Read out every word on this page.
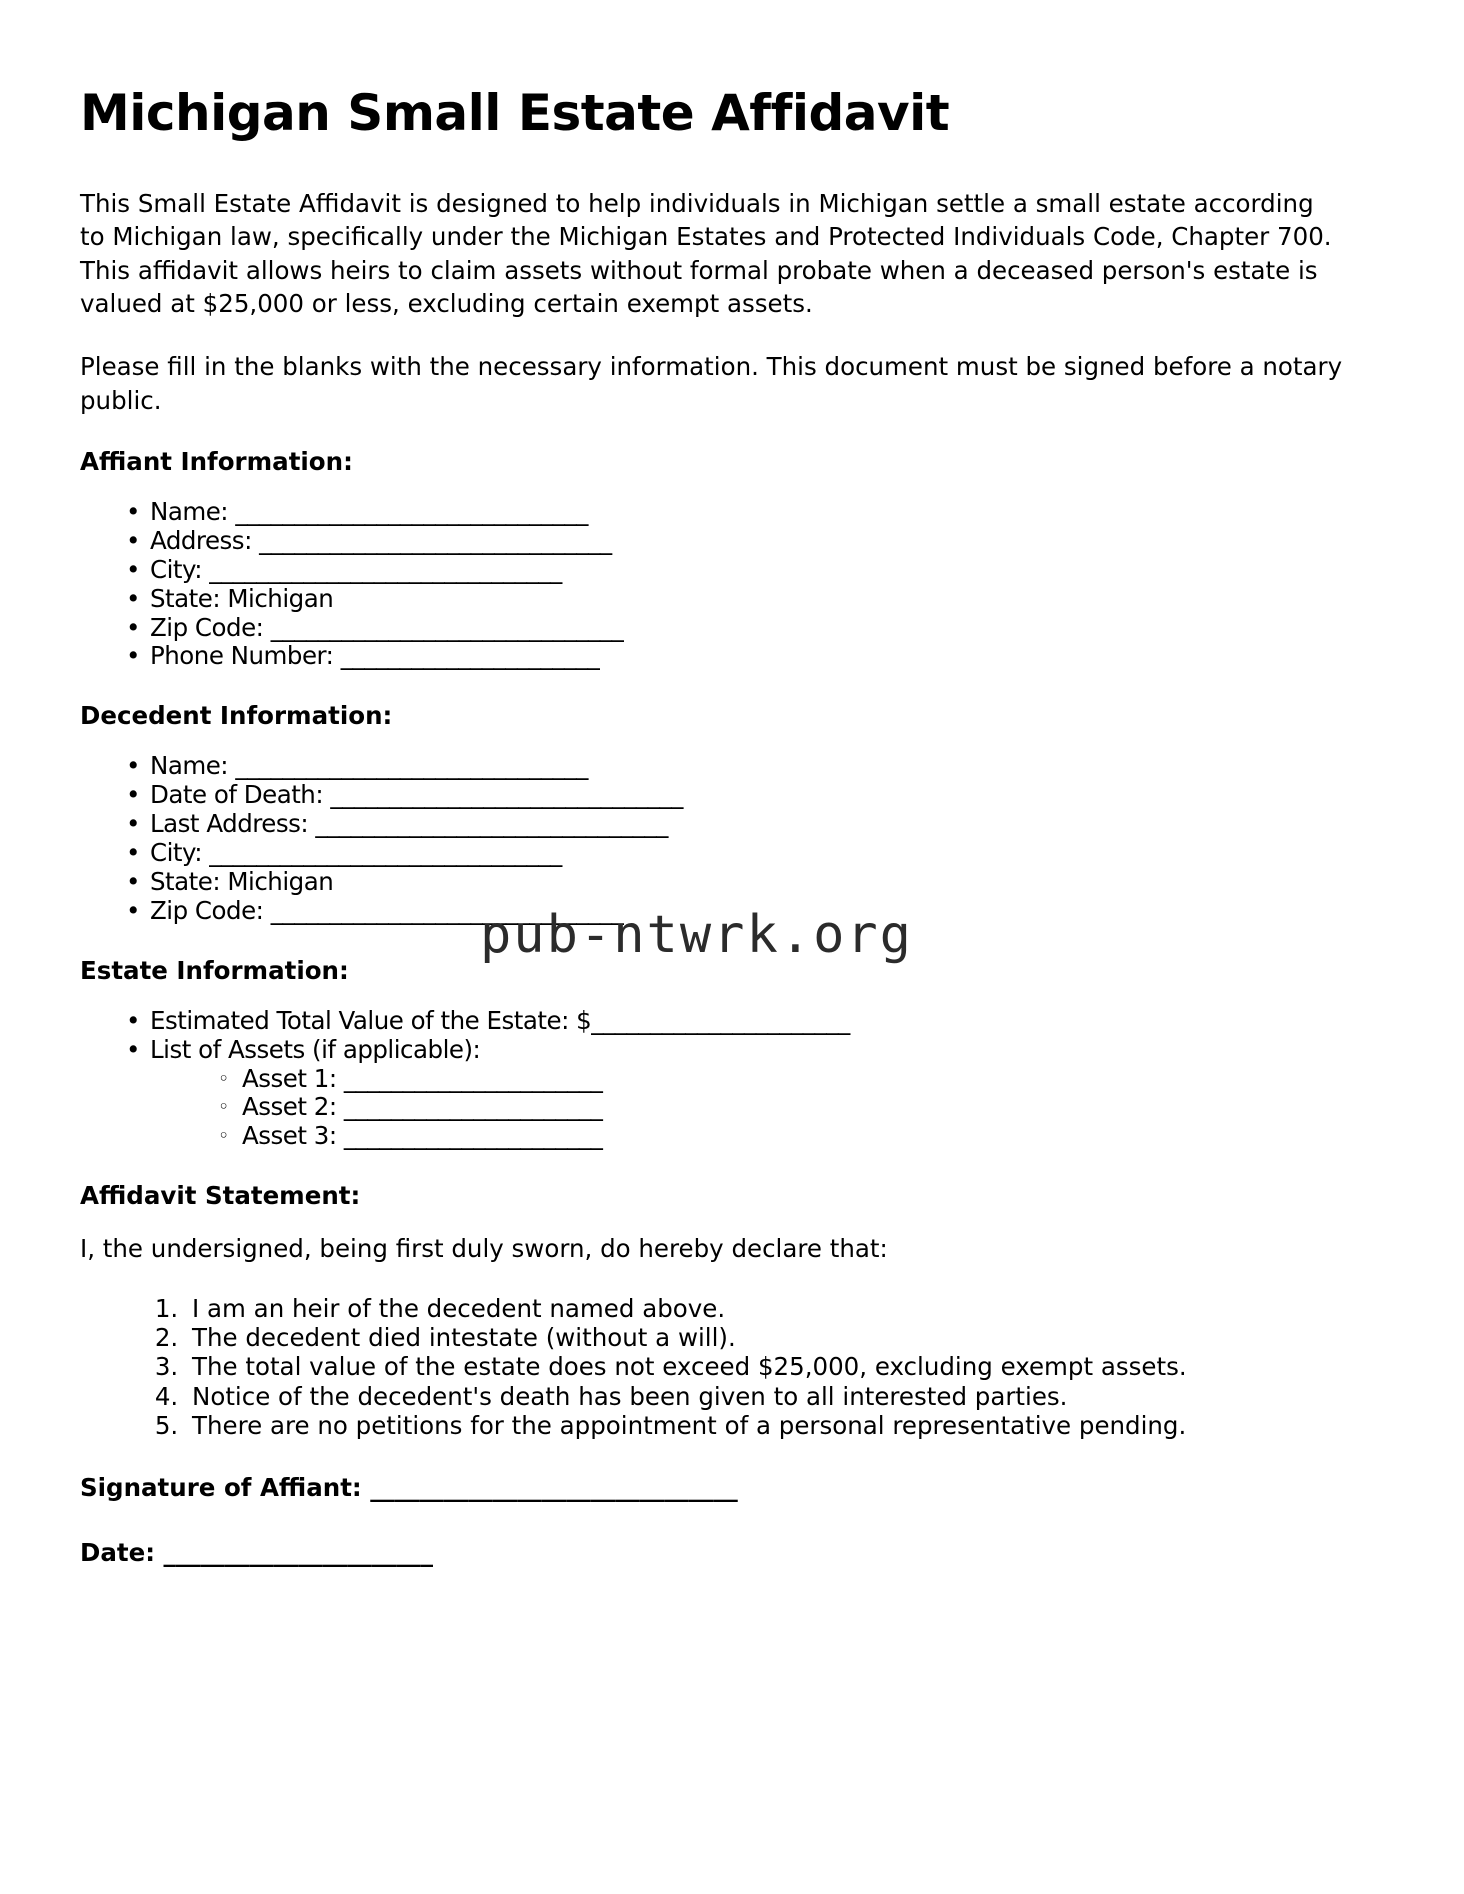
Michigan Small Estate Affidavit

This Small Estate Affidavit is designed to help individuals in Michigan settle a small estate according to Michigan law, specifically under the Michigan Estates and Protected Individuals Code, Chapter 700. This affidavit allows heirs to claim assets without formal probate when a deceased person's estate is valued at $25,000 or less, excluding certain exempt assets.

Please fill in the blanks with the necessary information. This document must be signed before a notary public.

Affiant Information:
• Name: ______________________________
• Address: ______________________________
• City: ______________________________
• State: Michigan
• Zip Code: ______________________________
• Phone Number: ______________________
Decedent Information:
• Name: ______________________________
• Date of Death: ______________________________
• Last Address: ______________________________
• City: ______________________________
• State: Michigan
• Zip Code: ______________________________
Estate Information:
• Estimated Total Value of the Estate: $______________________
• List of Assets (if applicable):
◦ Asset 1: ______________________
◦ Asset 2: ______________________
◦ Asset 3: ______________________
Affidavit Statement:

I, the undersigned, being first duly sworn, do hereby declare that:

1. I am an heir of the decedent named above.
2. The decedent died intestate (without a will).
3. The total value of the estate does not exceed $25,000, excluding exempt assets.
4. Notice of the decedent's death has been given to all interested parties.
5. There are no petitions for the appointment of a personal representative pending.
Signature of Affiant: ______________________________
Date: ______________________
pub-ntwrk.org
